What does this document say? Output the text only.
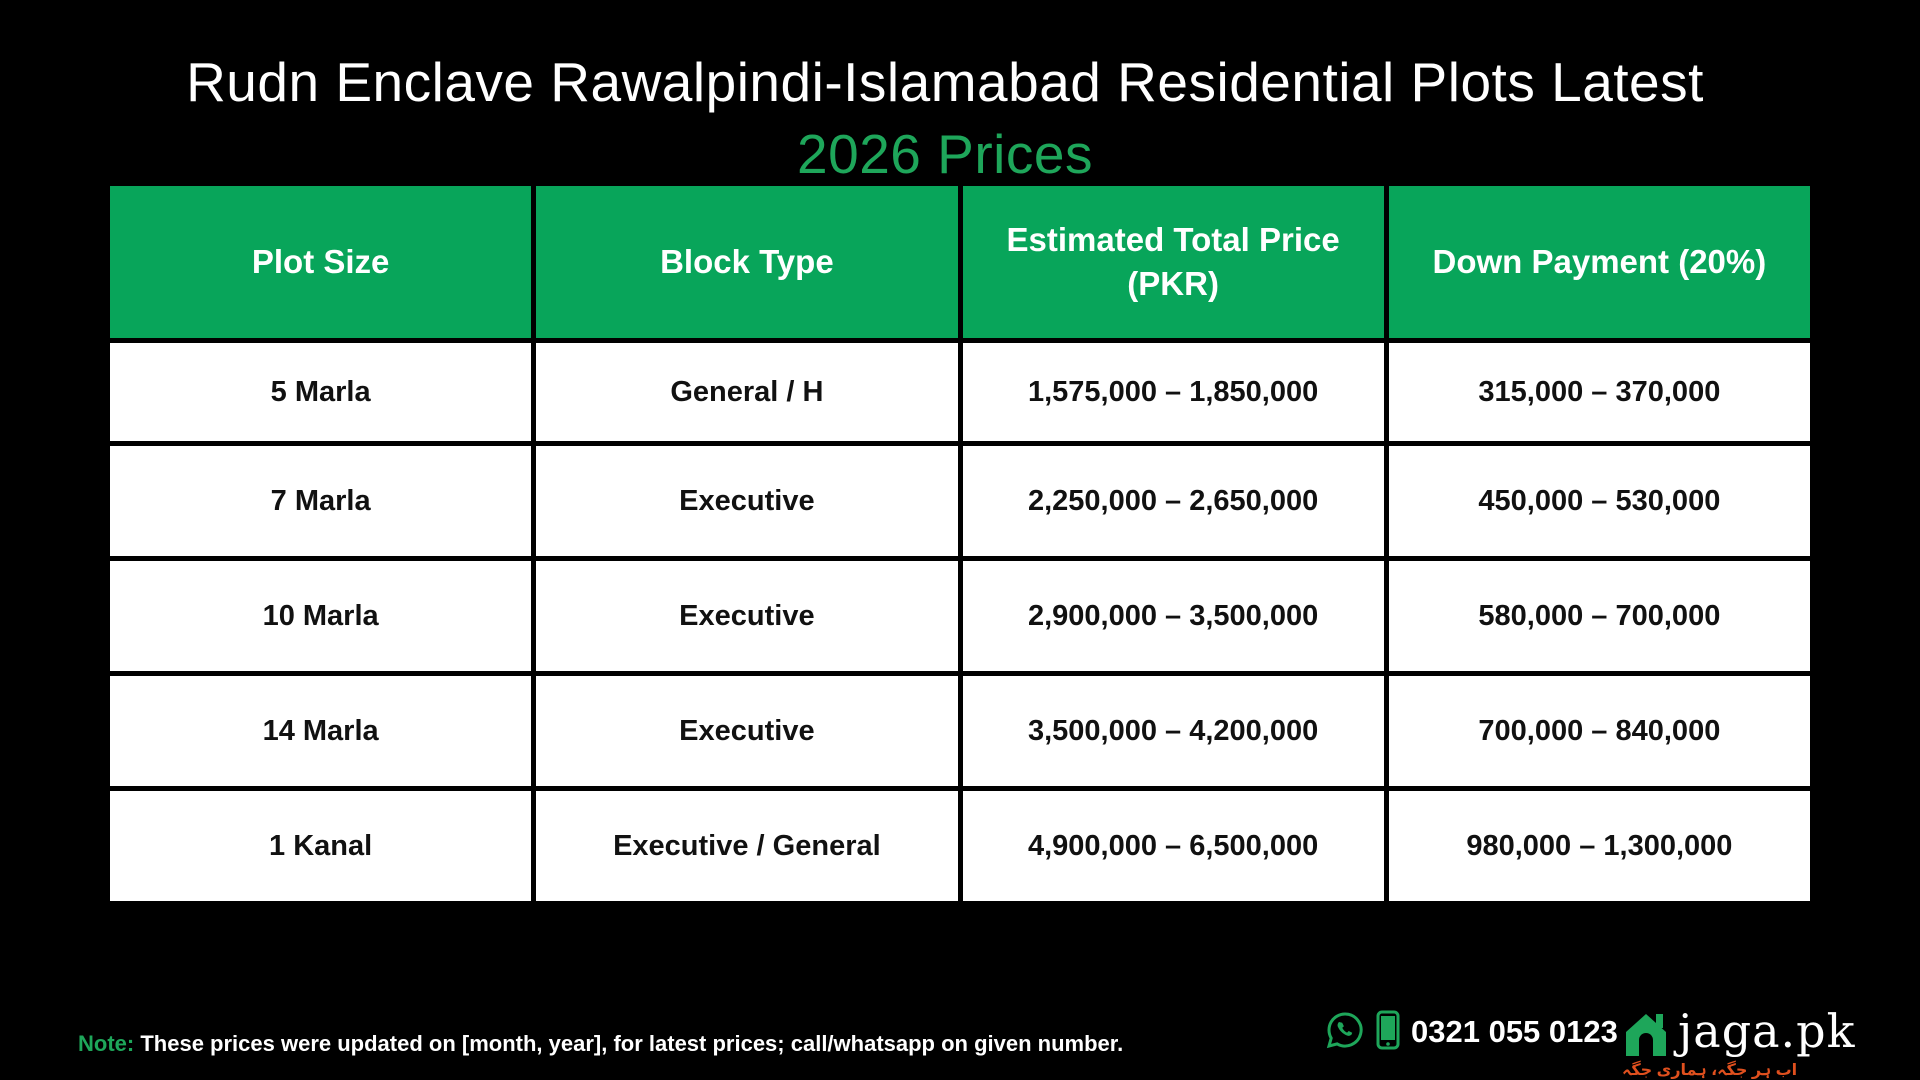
Rudn Enclave Rawalpindi-Islamabad Residential Plots Latest
2026 Prices
Plot Size	Block Type	Estimated Total Price (PKR)	Down Payment (20%)
5 Marla	General / H	1,575,000 – 1,850,000	315,000 – 370,000
7 Marla	Executive	2,250,000 – 2,650,000	450,000 – 530,000
10 Marla	Executive	2,900,000 – 3,500,000	580,000 – 700,000
14 Marla	Executive	3,500,000 – 4,200,000	700,000 – 840,000
1 Kanal	Executive / General	4,900,000 – 6,500,000	980,000 – 1,300,000
Note: These prices were updated on [month, year], for latest prices; call/whatsapp on given number.	0321 055 0123 jaga.pk
اب ہر جگہ، ہماری جگہ
